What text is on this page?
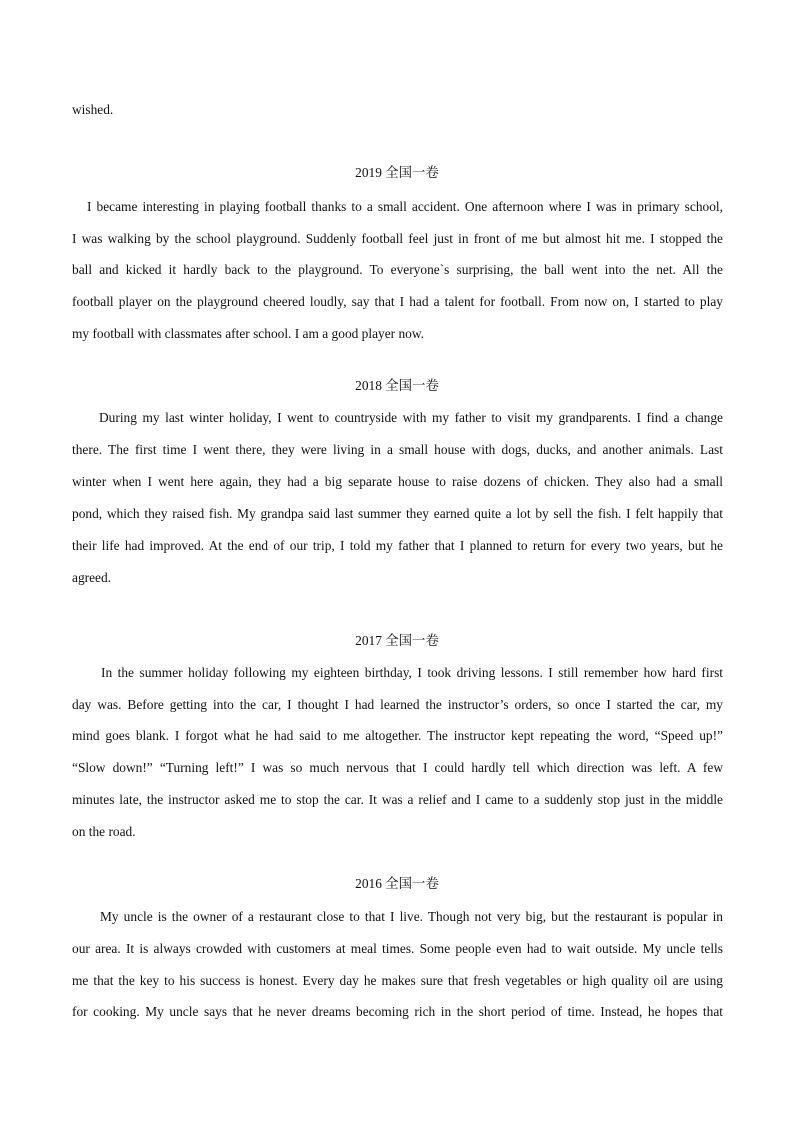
wished.

2019 全国一卷

I became interesting in playing football thanks to a small accident. One afternoon where I was in primary school,

I was walking by the school playground. Suddenly football feel just in front of me but almost hit me. I stopped the

ball and kicked it hardly back to the playground. To everyone`s surprising, the ball went into the net. All the

football player on the playground cheered loudly, say that I had a talent for football. From now on, I started to play

my football with classmates after school. I am a good player now.

2018 全国一卷

During my last winter holiday, I went to countryside with my father to visit my grandparents. I find a change

there. The first time I went there, they were living in a small house with dogs, ducks, and another animals. Last

winter when I went here again, they had a big separate house to raise dozens of chicken. They also had a small

pond, which they raised fish. My grandpa said last summer they earned quite a lot by sell the fish. I felt happily that

their life had improved. At the end of our trip, I told my father that I planned to return for every two years, but he

agreed.

2017 全国一卷

In the summer holiday following my eighteen birthday, I took driving lessons. I still remember how hard first

day was. Before getting into the car, I thought I had learned the instructor’s orders, so once I started the car, my

mind goes blank. I forgot what he had said to me altogether. The instructor kept repeating the word, “Speed up!”

“Slow down!” “Turning left!” I was so much nervous that I could hardly tell which direction was left. A few

minutes late, the instructor asked me to stop the car. It was a relief and I came to a suddenly stop just in the middle

on the road.

2016 全国一卷

My uncle is the owner of a restaurant close to that I live. Though not very big, but the restaurant is popular in

our area. It is always crowded with customers at meal times. Some people even had to wait outside. My uncle tells

me that the key to his success is honest. Every day he makes sure that fresh vegetables or high quality oil are using

for cooking. My uncle says that he never dreams becoming rich in the short period of time. Instead, he hopes that
